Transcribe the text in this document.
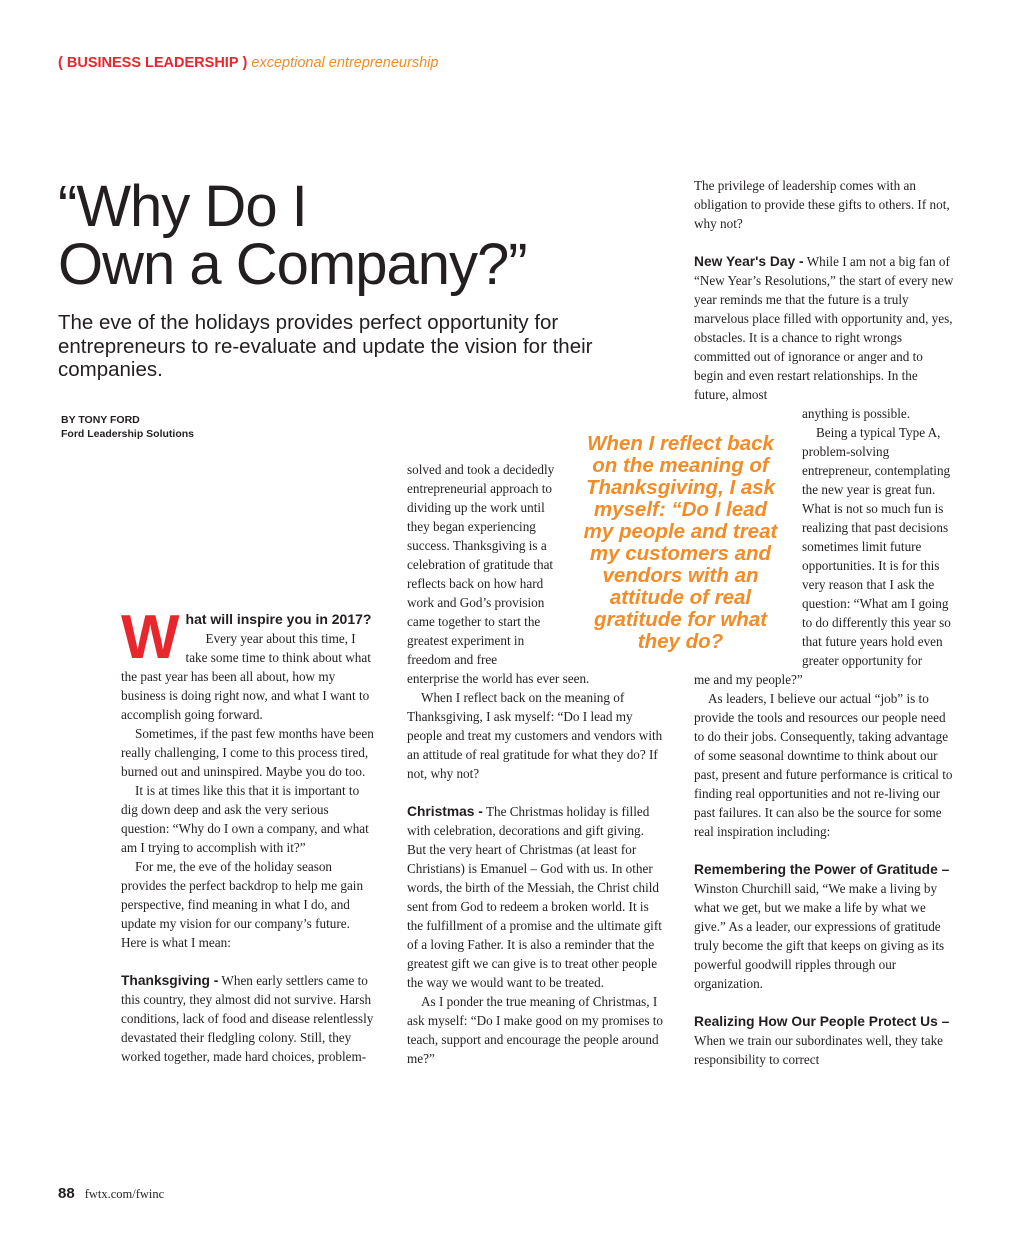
( BUSINESS LEADERSHIP ) exceptional entrepreneurship
“Why Do I
Own a Company?”

The eve of the holidays provides perfect opportunity for entrepreneurs to re-evaluate and update the vision for their companies.

BY TONY FORD
Ford Leadership Solutions

W hat will inspire you in 2017?
Every year about this time, I take some time to think about what the past year has been all about, how my business is doing right now, and what I want to accomplish going forward.

Sometimes, if the past few months have been really challenging, I come to this process tired, burned out and uninspired. Maybe you do too.

It is at times like this that it is important to dig down deep and ask the very serious question: “Why do I own a company, and what am I trying to accomplish with it?”

For me, the eve of the holiday season provides the perfect backdrop to help me gain perspective, find meaning in what I do, and update my vision for our company’s future. Here is what I mean:

Thanksgiving - When early settlers came to this country, they almost did not survive. Harsh conditions, lack of food and disease relentlessly devastated their fledgling colony. Still, they worked together, made hard choices, problem-

solved and took a decidedly entrepreneurial approach to dividing up the work until they began experiencing success. Thanksgiving is a celebration of gratitude that reflects back on how hard work and God’s provision came together to start the greatest experiment in freedom and free

enterprise the world has ever seen.

When I reflect back on the meaning of Thanksgiving, I ask myself: “Do I lead my people and treat my customers and vendors with an attitude of real gratitude for what they do? If not, why not?

Christmas - The Christmas holiday is filled with celebration, decorations and gift giving. But the very heart of Christmas (at least for Christians) is Emanuel – God with us. In other words, the birth of the Messiah, the Christ child sent from God to redeem a broken world. It is the fulfillment of a promise and the ultimate gift of a loving Father. It is also a reminder that the greatest gift we can give is to treat other people the way we would want to be treated.

As I ponder the true meaning of Christmas, I ask myself: “Do I make good on my promises to teach, support and encourage the people around me?”

When I reflect back on the meaning of Thanksgiving, I ask myself: “Do I lead my people and treat my customers and vendors with an attitude of real gratitude for what they do?

The privilege of leadership comes with an obligation to provide these gifts to others. If not, why not?

New Year's Day - While I am not a big fan of “New Year’s Resolutions,” the start of every new year reminds me that the future is a truly marvelous place filled with opportunity and, yes, obstacles. It is a chance to right wrongs committed out of ignorance or anger and to begin and even restart relationships. In the future, almost

anything is possible.

Being a typical Type A, problem-solving entrepreneur, contemplating the new year is great fun. What is not so much fun is realizing that past decisions sometimes limit future opportunities. It is for this very reason that I ask the question: “What am I going to do differently this year so that future years hold even greater opportunity for

me and my people?”

As leaders, I believe our actual “job” is to provide the tools and resources our people need to do their jobs. Consequently, taking advantage of some seasonal downtime to think about our past, present and future performance is critical to finding real opportunities and not re-living our past failures. It can also be the source for some real inspiration including:

Remembering the Power of Gratitude – Winston Churchill said, “We make a living by what we get, but we make a life by what we give.” As a leader, our expressions of gratitude truly become the gift that keeps on giving as its powerful goodwill ripples through our organization.

Realizing How Our People Protect Us – When we train our subordinates well, they take responsibility to correct

88 fwtx.com/fwinc
